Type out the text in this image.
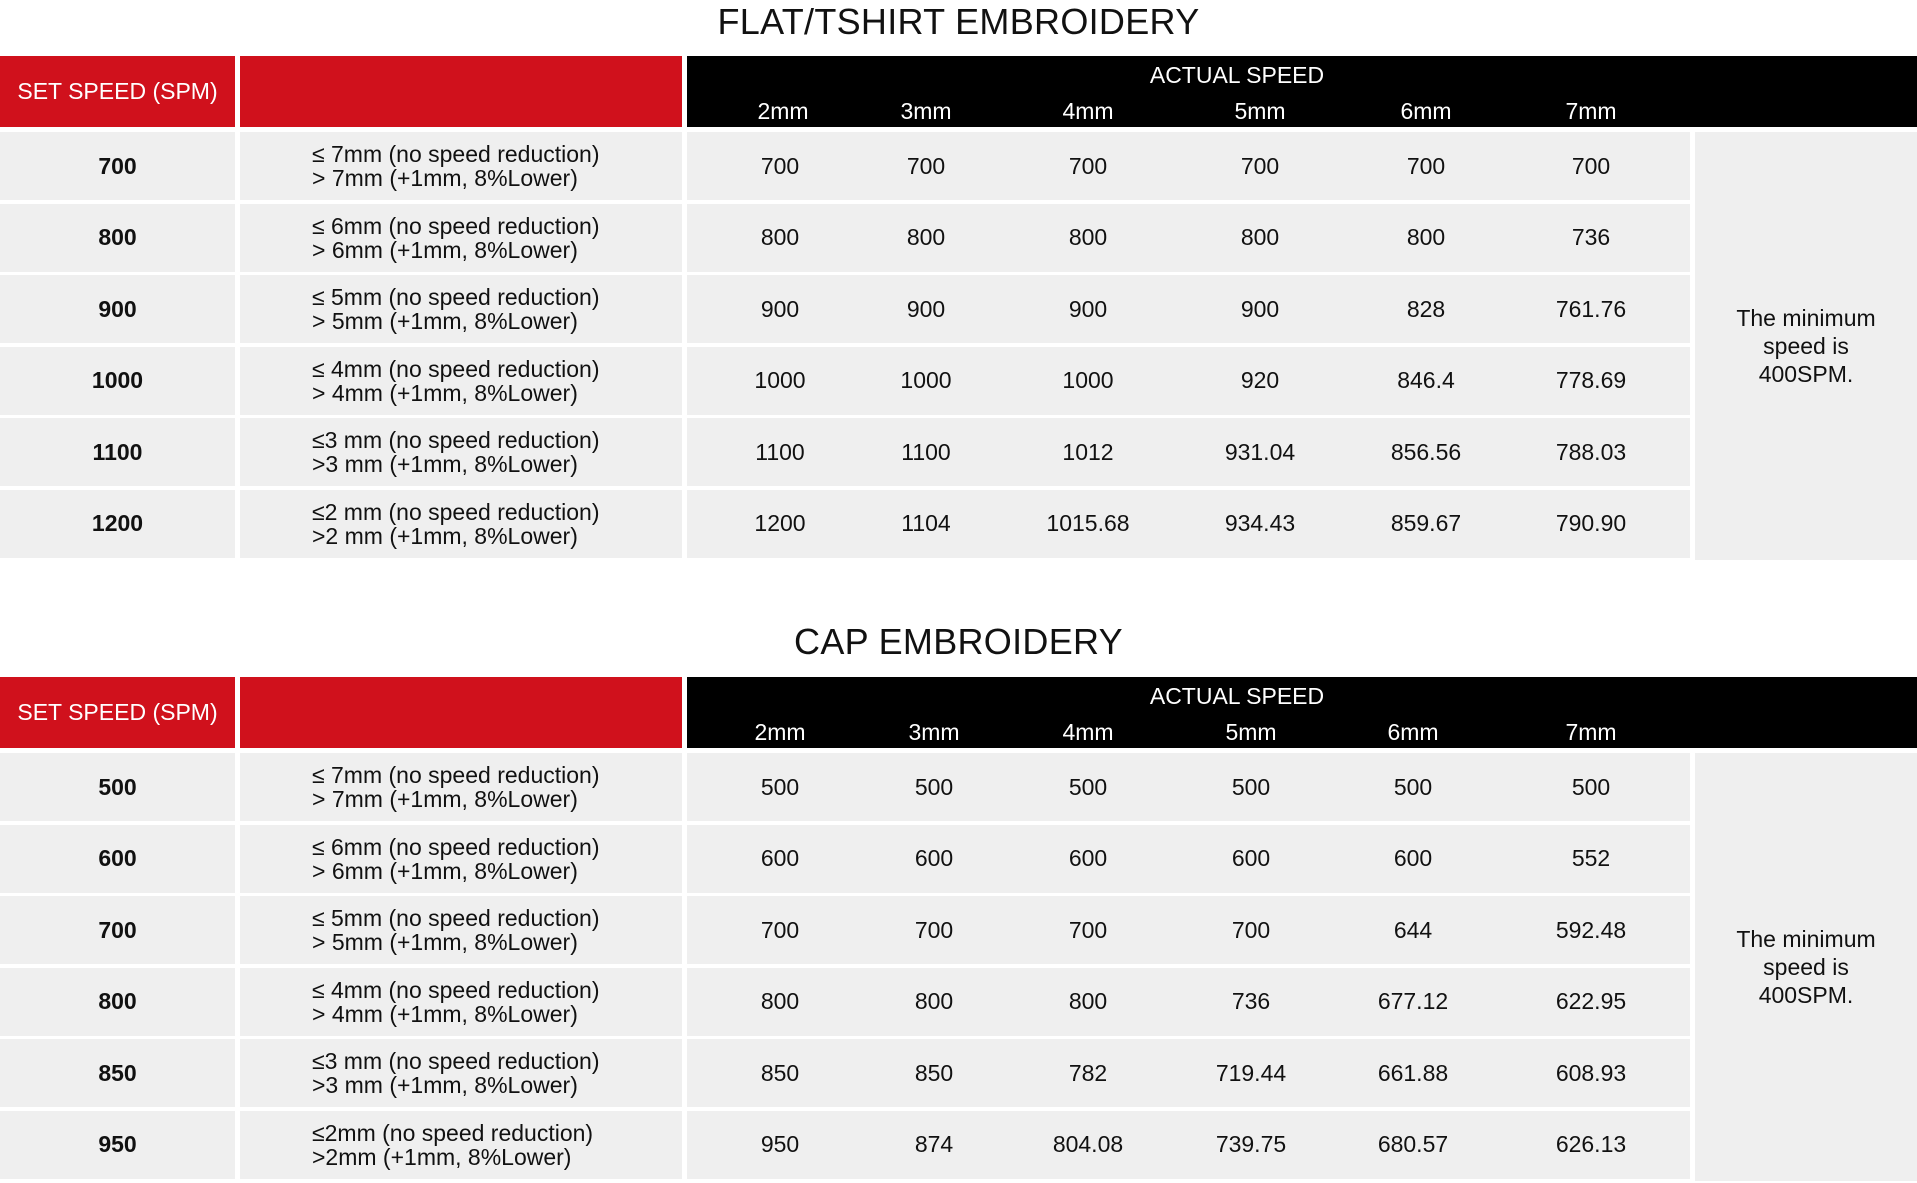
FLAT/TSHIRT EMBROIDERY
SET SPEED (SPM)
ACTUAL SPEED
2mm	3mm	4mm	5mm	6mm	7mm
700	≤ 7mm (no speed reduction)
> 7mm (+1mm, 8%Lower)	700	700	700	700	700	700
800	≤ 6mm (no speed reduction)
> 6mm (+1mm, 8%Lower)	800	800	800	800	800	736
900	≤ 5mm (no speed reduction)
> 5mm (+1mm, 8%Lower)	900	900	900	900	828	761.76
1000	≤ 4mm (no speed reduction)
> 4mm (+1mm, 8%Lower)	1000	1000	1000	920	846.4	778.69
1100	≤3 mm (no speed reduction)
>3 mm (+1mm, 8%Lower)	1100	1100	1012	931.04	856.56	788.03
1200	≤2 mm (no speed reduction)
>2 mm (+1mm, 8%Lower)	1200	1104	1015.68	934.43	859.67	790.90
The minimum speed is 400SPM.
CAP EMBROIDERY
SET SPEED (SPM)
ACTUAL SPEED
2mm	3mm	4mm	5mm	6mm	7mm
500	≤ 7mm (no speed reduction)
> 7mm (+1mm, 8%Lower)	500	500	500	500	500	500
600	≤ 6mm (no speed reduction)
> 6mm (+1mm, 8%Lower)	600	600	600	600	600	552
700	≤ 5mm (no speed reduction)
> 5mm (+1mm, 8%Lower)	700	700	700	700	644	592.48
800	≤ 4mm (no speed reduction)
> 4mm (+1mm, 8%Lower)	800	800	800	736	677.12	622.95
850	≤3 mm (no speed reduction)
>3 mm (+1mm, 8%Lower)	850	850	782	719.44	661.88	608.93
950	≤2mm (no speed reduction)
>2mm (+1mm, 8%Lower)	950	874	804.08	739.75	680.57	626.13
The minimum speed is 400SPM.
